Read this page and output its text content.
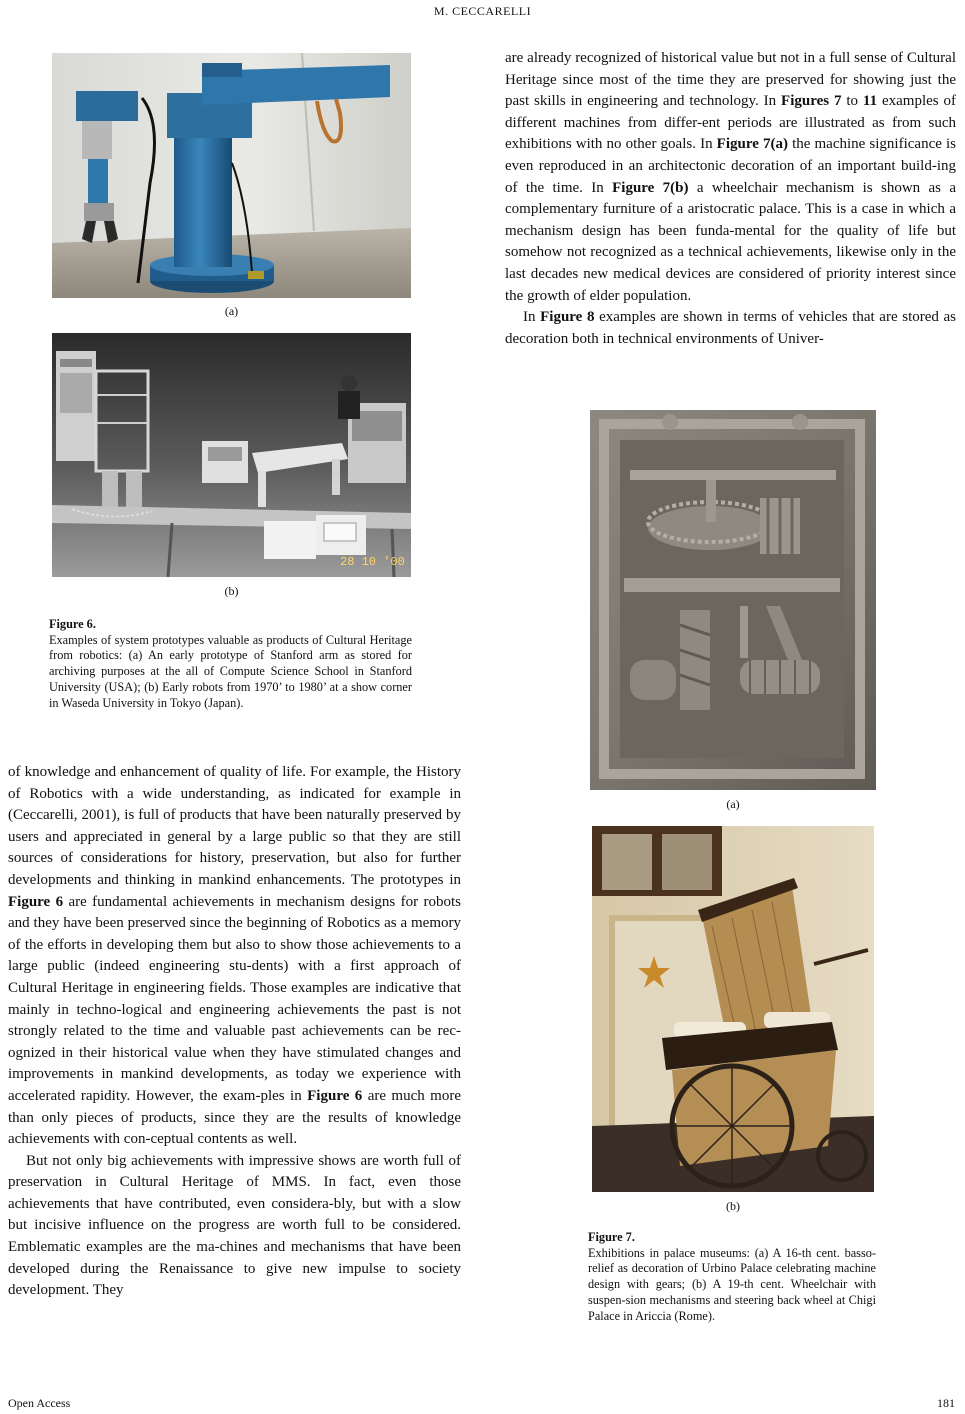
M. CECCARELLI
(a)
28 10 '00
(b)
Figure 6.
Examples of system prototypes valuable as products of Cultural Heritage from robotics: (a) An early prototype of Stanford arm as stored for archiving purposes at the all of Compute Science School in Stanford University (USA); (b) Early robots from 1970’ to 1980’ at a show corner in Waseda University in Tokyo (Japan).

of knowledge and enhancement of quality of life. For example, the History of Robotics with a wide understanding, as indicated for example in (Ceccarelli, 2001), is full of products that have been naturally preserved by users and appreciated in general by a large public so that they are still sources of considerations for history, preservation, but also for further developments and thinking in mankind enhancements. The prototypes in Figure 6 are fundamental achievements in mechanism designs for robots and they have been preserved since the beginning of Robotics as a memory of the efforts in developing them but also to show those achievements to a large public (indeed engineering stu-dents) with a first approach of Cultural Heritage in engineering fields. Those examples are indicative that mainly in techno-logical and engineering achievements the past is not strongly related to the time and valuable past achievements can be rec-ognized in their historical value when they have stimulated changes and improvements in mankind developments, as today we experience with accelerated rapidity. However, the exam-ples in Figure 6 are much more than only pieces of products, since they are the results of knowledge achievements with con-ceptual contents as well.

But not only big achievements with impressive shows are worth full of preservation in Cultural Heritage of MMS. In fact, even those achievements that have contributed, even considera-bly, but with a slow but incisive influence on the progress are worth full to be considered. Emblematic examples are the ma-chines and mechanisms that have been developed during the Renaissance to give new impulse to society development. They

are already recognized of historical value but not in a full sense of Cultural Heritage since most of the time they are preserved for showing just the past skills in engineering and technology. In Figures 7 to 11 examples of different machines from differ-ent periods are illustrated as from such exhibitions with no other goals. In Figure 7(a) the machine significance is even reproduced in an architectonic decoration of an important build-ing of the time. In Figure 7(b) a wheelchair mechanism is shown as a complementary furniture of a aristocratic palace. This is a case in which a mechanism design has been funda-mental for the quality of life but somehow not recognized as a technical achievements, likewise only in the last decades new medical devices are considered of priority interest since the growth of elder population.

In Figure 8 examples are shown in terms of vehicles that are stored as decoration both in technical environments of Univer-

(a)
(b)
Figure 7.
Exhibitions in palace museums: (a) A 16-th cent. basso-relief as decoration of Urbino Palace celebrating machine design with gears; (b) A 19-th cent. Wheelchair with suspen-sion mechanisms and steering back wheel at Chigi Palace in Ariccia (Rome).
Open Access	181
